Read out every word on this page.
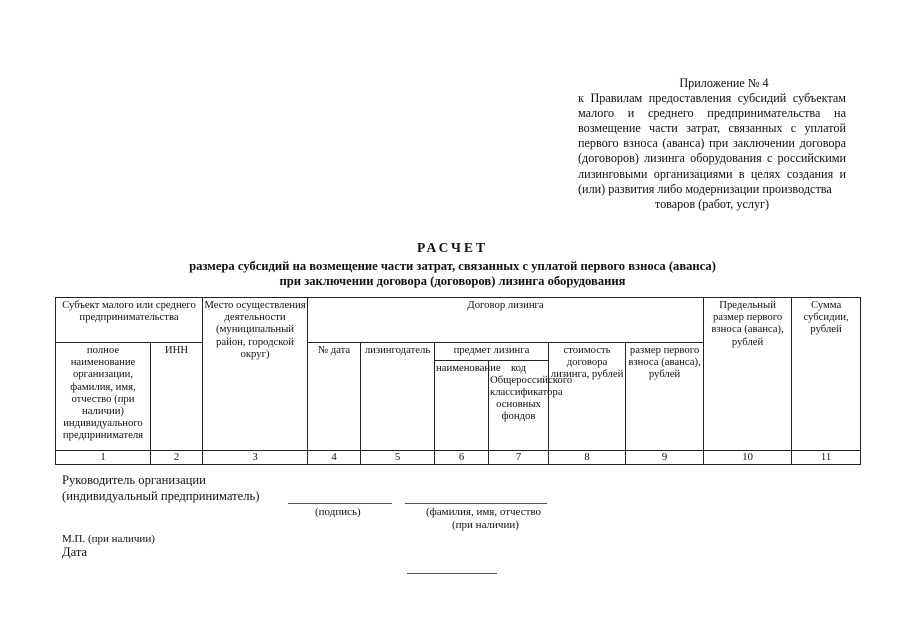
Приложение № 4
к Правилам предоставления субсидий субъектам малого и среднего предпринимательства на возмещение части затрат, связанных с уплатой первого взноса (аванса) при заключении договора (договоров) лизинга оборудования с российскими лизинговыми организациями в целях создания и (или) развития либо модернизации производства
товаров (работ, услуг)
РАСЧЕТ
размера субсидий на возмещение части затрат, связанных с уплатой первого взноса (аванса)
при заключении договора (договоров) лизинга оборудования
Субъект малого или среднего предпринимательства		Место осуществления деятельности (муниципальный район, городской округ)	Договор лизинга						Предельный размер первого взноса (аванса), рублей	Сумма субсидии, рублей
полное наименование организации, фамилия, имя, отчество (при наличии) индивидуального предпринимателя	ИНН		№ дата	лизингодатель	предмет лизинга		стоимость договора лизинга, рублей	размер первого взноса (аванса), рублей		
					наименование	код Общероссийского классификатора основных фондов				
1	2	3	4	5	6	7	8	9	10	11
Руководитель организации
(индивидуальный предприниматель)
(подпись)	(фамилия, имя, отчество
(при наличии)
М.П. (при наличии)
Дата
